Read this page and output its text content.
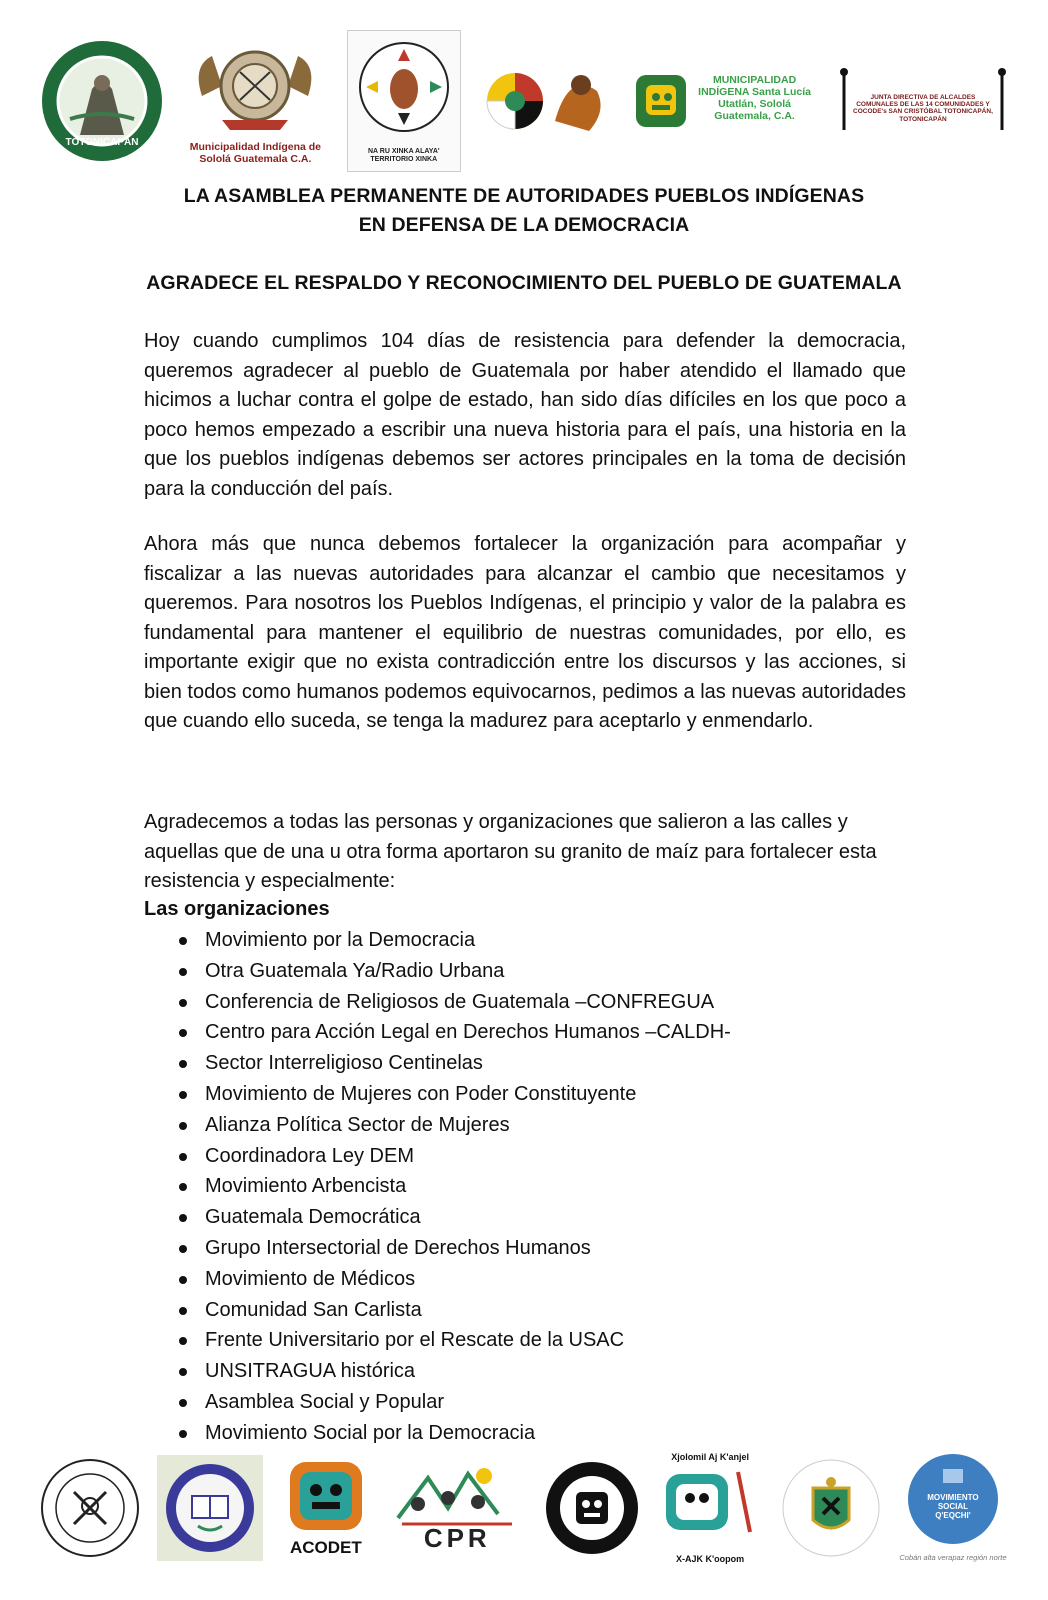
TOTONICAPÁN	Municipalidad Indígena de Sololá Guatemala C.A.
NA RU XINKA ALAYA' TERRITORIO XINKA
MUNICIPALIDAD INDÍGENA Santa Lucía Utatlán, Sololá Guatemala, C.A.
JUNTA DIRECTIVA DE ALCALDES COMUNALES DE LAS 14 COMUNIDADES Y COCODE's SAN CRISTÓBAL TOTONICAPÁN, TOTONICAPÁN
LA ASAMBLEA PERMANENTE DE AUTORIDADES PUEBLOS INDÍGENAS
EN DEFENSA DE LA DEMOCRACIA
AGRADECE EL RESPALDO Y RECONOCIMIENTO DEL PUEBLO DE GUATEMALA

Hoy cuando cumplimos 104 días de resistencia para defender la democracia, queremos agradecer al pueblo de Guatemala por haber atendido el llamado que hicimos a luchar contra el golpe de estado, han sido días difíciles en los que poco a poco hemos empezado a escribir una nueva historia para el país, una historia en la que los pueblos indígenas debemos ser actores principales en la toma de decisión para la conducción del país.

Ahora más que nunca debemos fortalecer la organización para acompañar y fiscalizar a las nuevas autoridades para alcanzar el cambio que necesitamos y queremos. Para nosotros los Pueblos Indígenas, el principio y valor de la palabra es fundamental para mantener el equilibrio de nuestras comunidades, por ello, es importante exigir que no exista contradicción entre los discursos y las acciones, si bien todos como humanos podemos equivocarnos, pedimos a las nuevas autoridades que cuando ello suceda, se tenga la madurez para aceptarlo y enmendarlo.

Agradecemos a todas las personas y organizaciones que salieron a las calles y aquellas que de una u otra forma aportaron su granito de maíz para fortalecer esta resistencia y especialmente:

Las organizaciones
Movimiento por la Democracia
Otra Guatemala Ya/Radio Urbana
Conferencia de Religiosos de Guatemala –CONFREGUA
Centro para Acción Legal en Derechos Humanos –CALDH-
Sector Interreligioso Centinelas
Movimiento de Mujeres con Poder Constituyente
Alianza Política Sector de Mujeres
Coordinadora Ley DEM
Movimiento Arbencista
Guatemala Democrática
Grupo Intersectorial de Derechos Humanos
Movimiento de Médicos
Comunidad San Carlista
Frente Universitario por el Rescate de la USAC
UNSITRAGUA histórica
Asamblea Social y Popular
Movimiento Social por la Democracia
ACODET	CPR
Xjolomil Aj K'anjel
X-AJK K'oopom
MOVIMIENTO SOCIAL Q'EQCHI'
Cobán alta verapaz región norte
